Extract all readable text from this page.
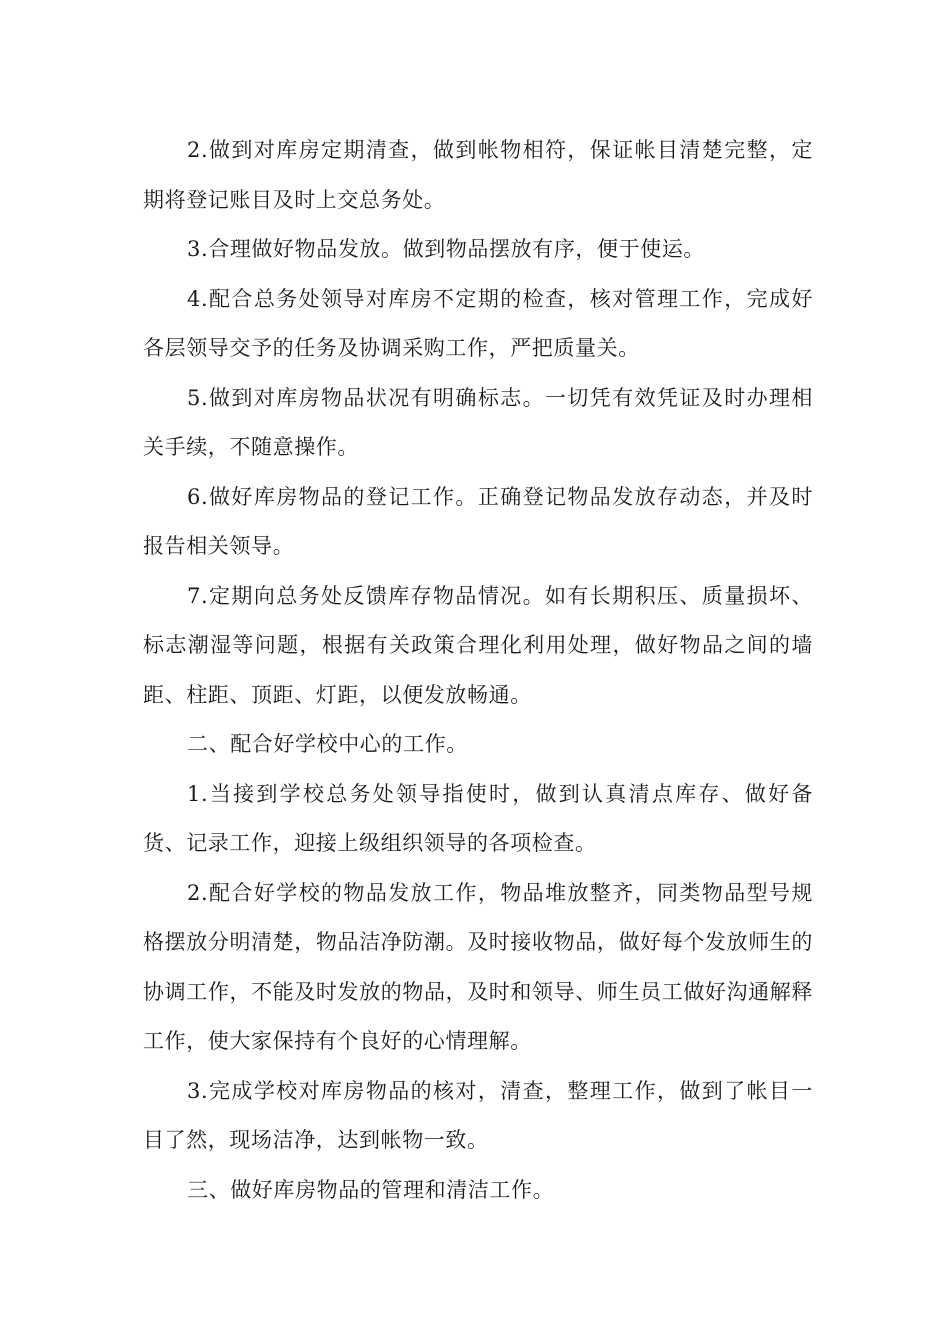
2.做到对库房定期清查，做到帐物相符，保证帐目清楚完整，定期将登记账目及时上交总务处。

3.合理做好物品发放。做到物品摆放有序，便于使运。

4.配合总务处领导对库房不定期的检查，核对管理工作，完成好各层领导交予的任务及协调采购工作，严把质量关。

5.做到对库房物品状况有明确标志。一切凭有效凭证及时办理相关手续，不随意操作。

6.做好库房物品的登记工作。正确登记物品发放存动态，并及时报告相关领导。

7.定期向总务处反馈库存物品情况。如有长期积压、质量损坏、标志潮湿等问题，根据有关政策合理化利用处理，做好物品之间的墙距、柱距、顶距、灯距，以便发放畅通。

二、配合好学校中心的工作。

1.当接到学校总务处领导指使时，做到认真清点库存、做好备货、记录工作，迎接上级组织领导的各项检查。

2.配合好学校的物品发放工作，物品堆放整齐，同类物品型号规格摆放分明清楚，物品洁净防潮。及时接收物品，做好每个发放师生的协调工作，不能及时发放的物品，及时和领导、师生员工做好沟通解释工作，使大家保持有个良好的心情理解。

3.完成学校对库房物品的核对，清查，整理工作，做到了帐目一目了然，现场洁净，达到帐物一致。

三、做好库房物品的管理和清洁工作。
